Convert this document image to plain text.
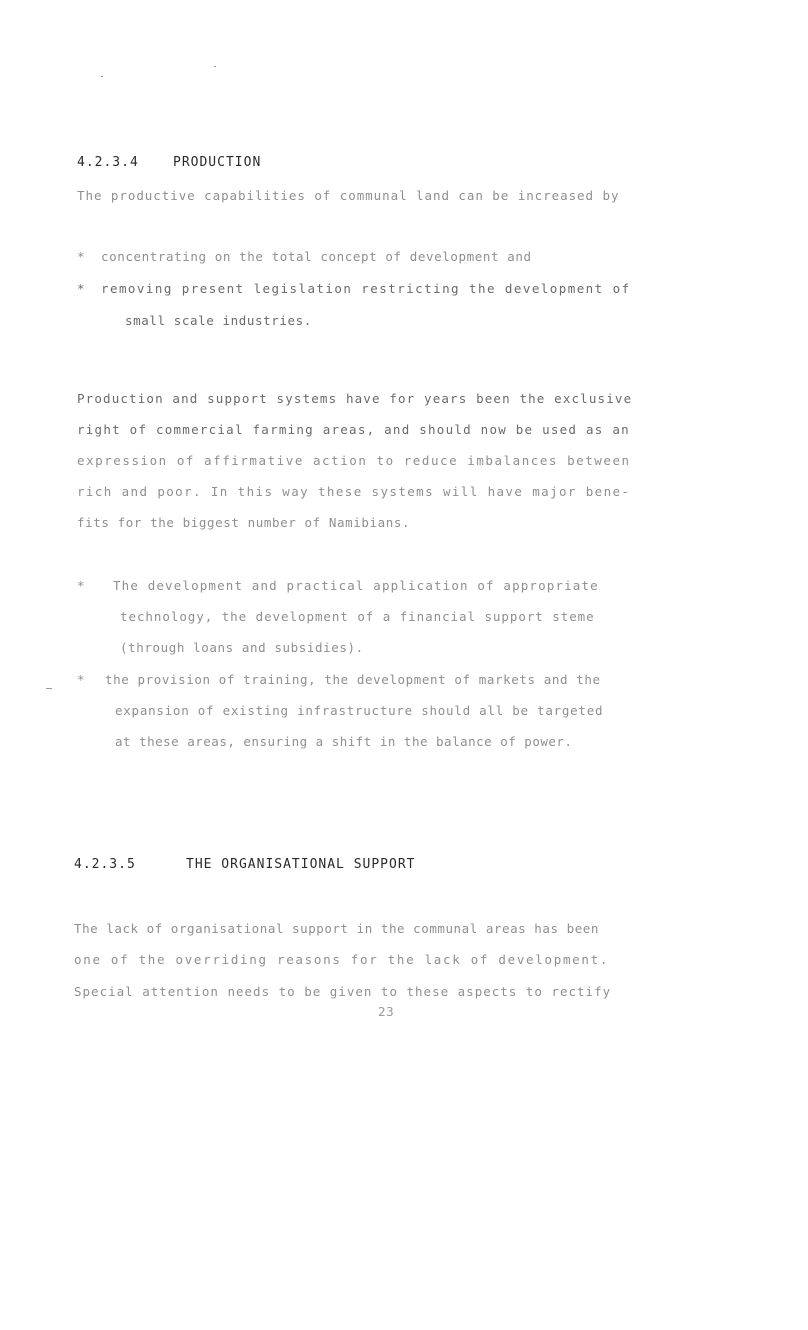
4.2.3.4	PRODUCTION
The productive capabilities of communal land can be increased by
* concentrating on the total concept of development and
* removing present legislation restricting the development of
small scale industries.
Production and support systems have for years been the exclusive
right of commercial farming areas, and should now be used as an
expression of affirmative action to reduce imbalances between
rich and poor. In this way these systems will have major bene-
fits for the biggest number of Namibians.
* The development and practical application of appropriate
technology, the development of a financial support steme
(through loans and subsidies).
* the provision of training, the development of markets and the
expansion of existing infrastructure should all be targeted
at these areas, ensuring a shift in the balance of power.
4.2.3.5	THE ORGANISATIONAL SUPPORT
The lack of organisational support in the communal areas has been
one of the overriding reasons for the lack of development.
Special attention needs to be given to these aspects to rectify
23
